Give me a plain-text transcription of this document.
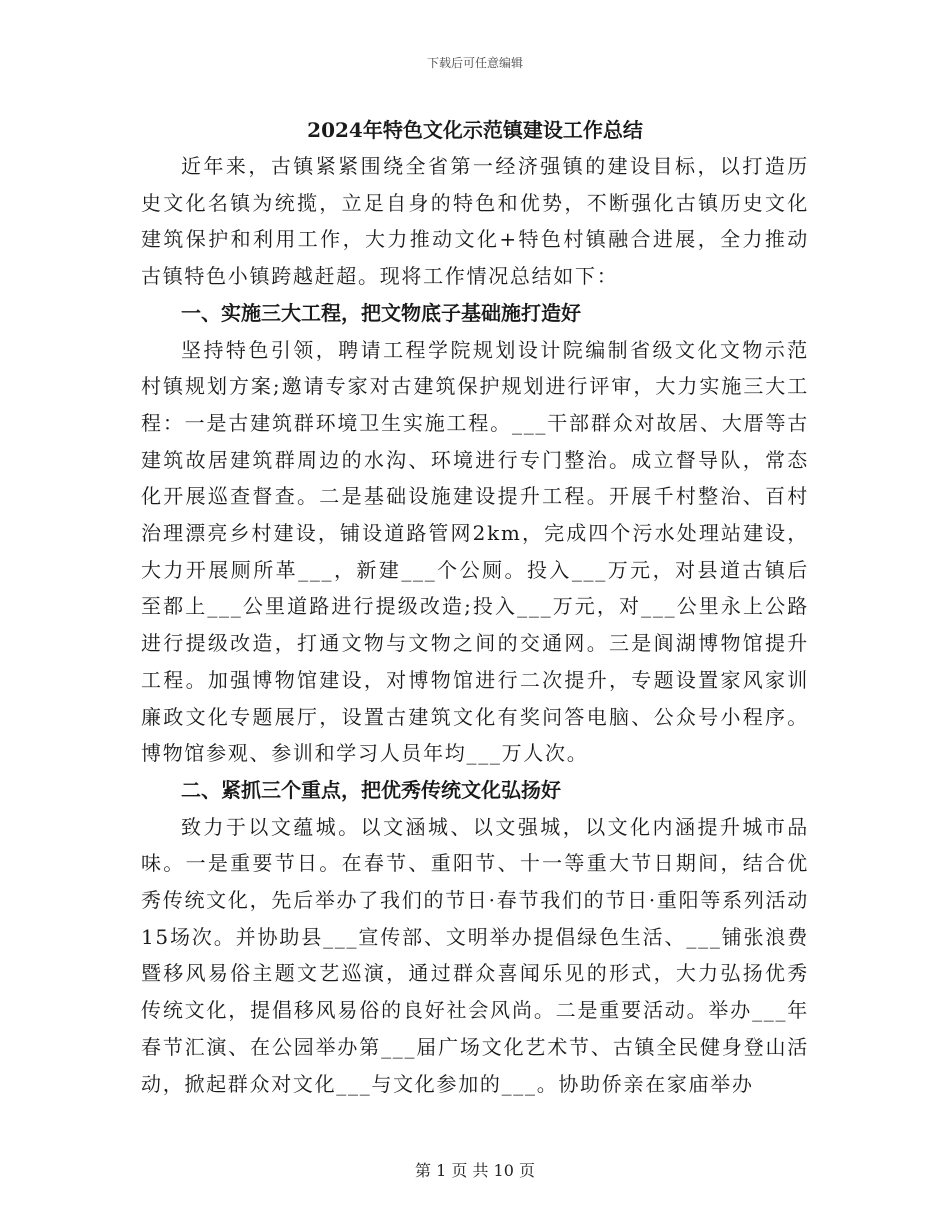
下载后可任意编辑
2024年特色文化示范镇建设工作总结

近年来，古镇紧紧围绕全省第一经济强镇的建设目标，以打造历史文化名镇为统揽，立足自身的特色和优势，不断强化古镇历史文化建筑保护和利用工作，大力推动文化+特色村镇融合进展，全力推动古镇特色小镇跨越赶超。现将工作情况总结如下：

一、实施三大工程，把文物底子基础施打造好

坚持特色引领，聘请工程学院规划设计院编制省级文化文物示范村镇规划方案;邀请专家对古建筑保护规划进行评审，大力实施三大工程：一是古建筑群环境卫生实施工程。___干部群众对故居、大厝等古建筑故居建筑群周边的水沟、环境进行专门整治。成立督导队，常态化开展巡查督查。二是基础设施建设提升工程。开展千村整治、百村治理漂亮乡村建设，铺设道路管网2km，完成四个污水处理站建设，大力开展厕所革___，新建___个公厕。投入___万元，对县道古镇后至都上___公里道路进行提级改造;投入___万元，对___公里永上公路进行提级改造，打通文物与文物之间的交通网。三是阆湖博物馆提升工程。加强博物馆建设，对博物馆进行二次提升，专题设置家风家训廉政文化专题展厅，设置古建筑文化有奖问答电脑、公众号小程序。博物馆参观、参训和学习人员年均___万人次。

二、紧抓三个重点，把优秀传统文化弘扬好

致力于以文蕴城。以文涵城、以文强城，以文化内涵提升城市品味。一是重要节日。在春节、重阳节、十一等重大节日期间，结合优秀传统文化，先后举办了我们的节日·春节我们的节日·重阳等系列活动15场次。并协助县___宣传部、文明举办提倡绿色生活、___铺张浪费暨移风易俗主题文艺巡演，通过群众喜闻乐见的形式，大力弘扬优秀传统文化，提倡移风易俗的良好社会风尚。二是重要活动。举办___年春节汇演、在公园举办第___届广场文化艺术节、古镇全民健身登山活动，掀起群众对文化___与文化参加的___。协助侨亲在家庙举办

第 1 页 共 10 页
